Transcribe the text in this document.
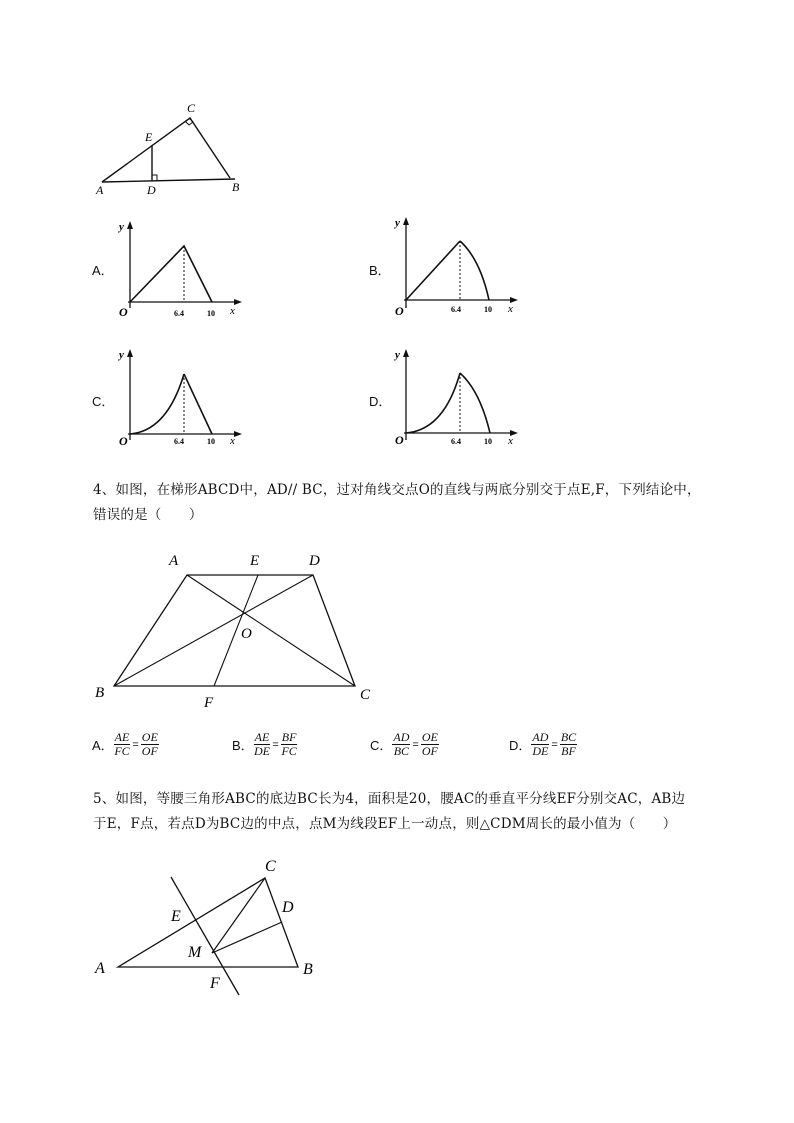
C
E
A	D	B
A．
y
x
O	6.4	10
B．
y
x
O	6.4	10
C．
y
x
O	6.4	10
D．
y
x
O	6.4	10
4、如图，在梯形ABCD中，AD// BC，过对角线交点O的直线与两底分别交于点E,F，下列结论中，
错误的是（　　）
A	E	D
O
B
F	C
A． $\frac{AE}{FC} = \frac{OE}{OF}$	B． $\frac{AE}{DE} = \frac{BF}{FC}$	C． $\frac{AD}{BC} = \frac{OE}{OF}$	D． $\frac{AD}{DE} = \frac{BC}{BF}$
5、如图，等腰三角形ABC的底边BC长为4，面积是20，腰AC的垂直平分线EF分别交AC，AB边
于E，F点，若点D为BC边的中点，点M为线段EF上一动点，则△CDM周长的最小值为（　　）
C
E
D
M
A	B
F
